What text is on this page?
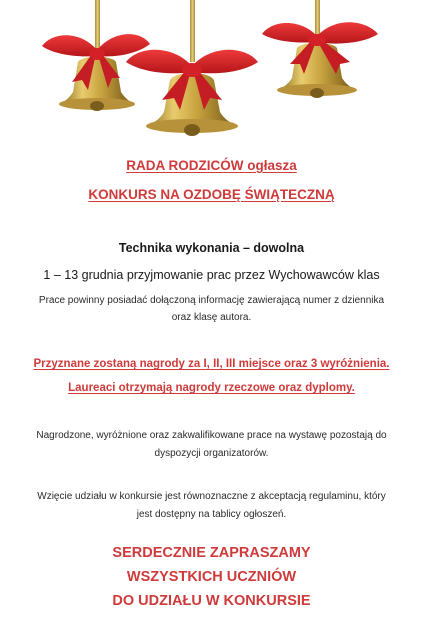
RADA RODZICÓW ogłasza

KONKURS NA OZDOBĘ ŚWIĄTECZNĄ

Technika wykonania – dowolna

1 – 13 grudnia przyjmowanie prac przez Wychowawców klas

Prace powinny posiadać dołączoną informację zawierającą numer z dziennika

oraz klasę autora.

Przyznane zostaną nagrody za I, II, III miejsce oraz 3 wyróżnienia.

Laureaci otrzymają nagrody rzeczowe oraz dyplomy.

Nagrodzone, wyróżnione oraz zakwalifikowane prace na wystawę pozostają do

dyspozycji organizatorów.

Wzięcie udziału w konkursie jest równoznaczne z akceptacją regulaminu, który

jest dostępny na tablicy ogłoszeń.

SERDECZNIE ZAPRASZAMY

WSZYSTKICH UCZNIÓW

DO UDZIAŁU W KONKURSIE
